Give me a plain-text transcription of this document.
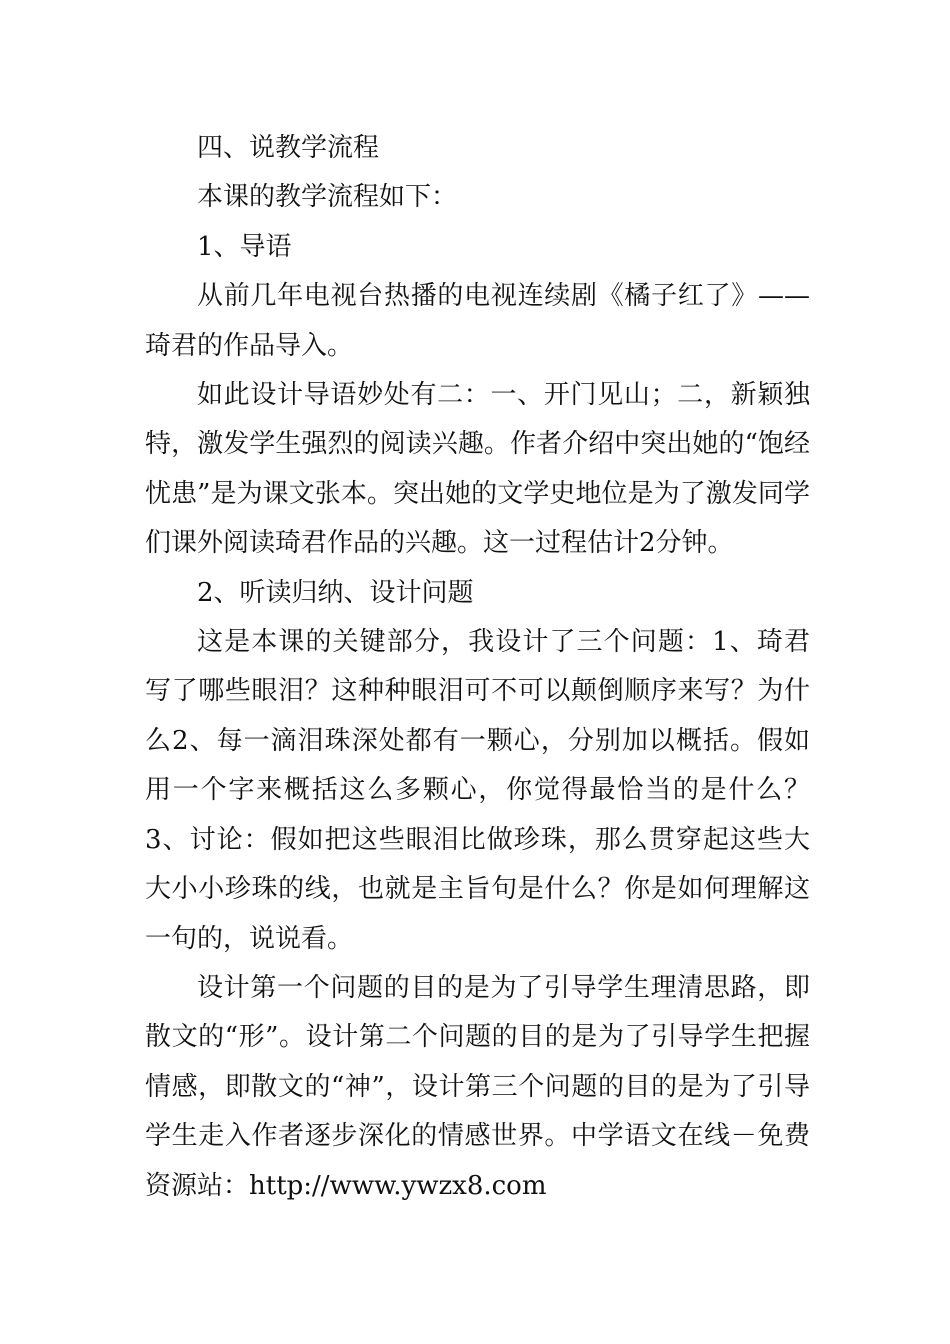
四、说教学流程

本课的教学流程如下：

1、导语

从前几年电视台热播的电视连续剧《橘子红了》——琦君的作品导入。

如此设计导语妙处有二：一、开门见山；二，新颖独特，激发学生强烈的阅读兴趣。作者介绍中突出她的“饱经忧患”是为课文张本。突出她的文学史地位是为了激发同学们课外阅读琦君作品的兴趣。这一过程估计2分钟。

2、听读归纳、设计问题

这是本课的关键部分，我设计了三个问题：1、琦君写了哪些眼泪？这种种眼泪可不可以颠倒顺序来写？为什么2、每一滴泪珠深处都有一颗心，分别加以概括。假如用一个字来概括这么多颗心，你觉得最恰当的是什么？3、讨论：假如把这些眼泪比做珍珠，那么贯穿起这些大大小小珍珠的线，也就是主旨句是什么？你是如何理解这一句的，说说看。

设计第一个问题的目的是为了引导学生理清思路，即散文的“形”。设计第二个问题的目的是为了引导学生把握情感，即散文的“神”，设计第三个问题的目的是为了引导学生走入作者逐步深化的情感世界。中学语文在线－免费资源站：http://www.ywzx8.com
